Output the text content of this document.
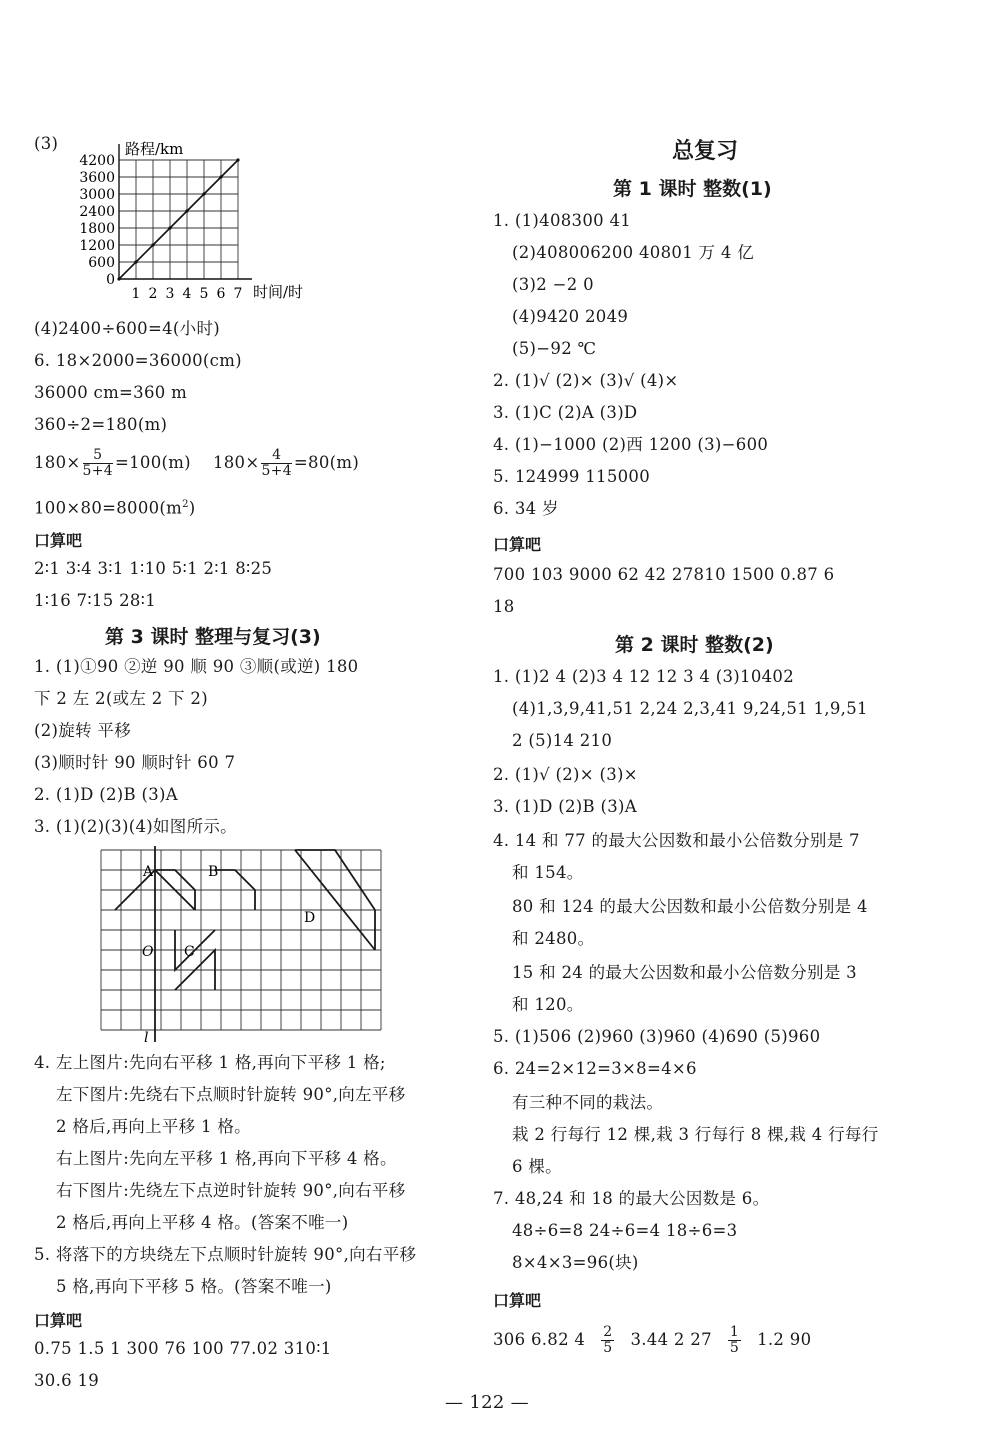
(3)
4200
3600
3000
2400
1800
1200
600
0
1 2 3 4 5 6 7
路程/km
时间/时
(4)2400÷600=4(小时)
6. 18×2000=36000(cm)
36000 cm=360 m
360÷2=180(m)
$180\times \frac{5}{5+4} =100(m)$ $180\times \frac{4}{5+4} =80(m)$
$100\times 80=8000(m^2)$
口算吧
2∶1 3∶4 3∶1 1∶10 5∶1 2∶1 8∶25
1∶16 7∶15 28∶1
第 3 课时 整理与复习(3)
1. (1)①90 ②逆 90 顺 90 ③顺(或逆) 180
下 2 左 2(或左 2 下 2)
(2)旋转 平移
(3)顺时针 90 顺时针 60 7
2. (1)D (2)B (3)A
3. (1)(2)(3)(4)如图所示。
A	B
C
D
O
l
4. 左上图片:先向右平移 1 格,再向下平移 1 格;
左下图片:先绕右下点顺时针旋转 90°,向左平移
2 格后,再向上平移 1 格。
右上图片:先向左平移 1 格,再向下平移 4 格。
右下图片:先绕左下点逆时针旋转 90°,向右平移
2 格后,再向上平移 4 格。(答案不唯一)
5. 将落下的方块绕左下点顺时针旋转 90°,向右平移
5 格,再向下平移 5 格。(答案不唯一)
口算吧
0.75 1.5 1 300 76 100 77.02 310∶1
30.6 19
总复习
第 1 课时 整数(1)
1. (1)408300 41
(2)408006200 40801 万 4 亿
(3)2 −2 0
(4)9420 2049
(5)−92 ℃
2. (1)√ (2)× (3)√ (4)×
3. (1)C (2)A (3)D
4. (1)−1000 (2)西 1200 (3)−600
5. 124999 115000
6. 34 岁
口算吧
700 103 9000 62 42 27810 1500 0.87 6
18
第 2 课时 整数(2)
1. (1)2 4 (2)3 4 12 12 3 4 (3)10402
(4)1,3,9,41,51 2,24 2,3,41 9,24,51 1,9,51
2 (5)14 210
2. (1)√ (2)× (3)×
3. (1)D (2)B (3)A
4. 14 和 77 的最大公因数和最小公倍数分别是 7
和 154。
80 和 124 的最大公因数和最小公倍数分别是 4
和 2480。
15 和 24 的最大公因数和最小公倍数分别是 3
和 120。
5. (1)506 (2)960 (3)960 (4)690 (5)960
6. 24=2×12=3×8=4×6
有三种不同的栽法。
栽 2 行每行 12 棵,栽 3 行每行 8 棵,栽 4 行每行
6 棵。
7. 48,24 和 18 的最大公因数是 6。
48÷6=8 24÷6=4 18÷6=3
8×4×3=96(块)
口算吧
306 6.82 $4 \frac{2}{5} 3.44$ 2 $27 \frac{1}{5} 1.2$ 90
— 122 —
